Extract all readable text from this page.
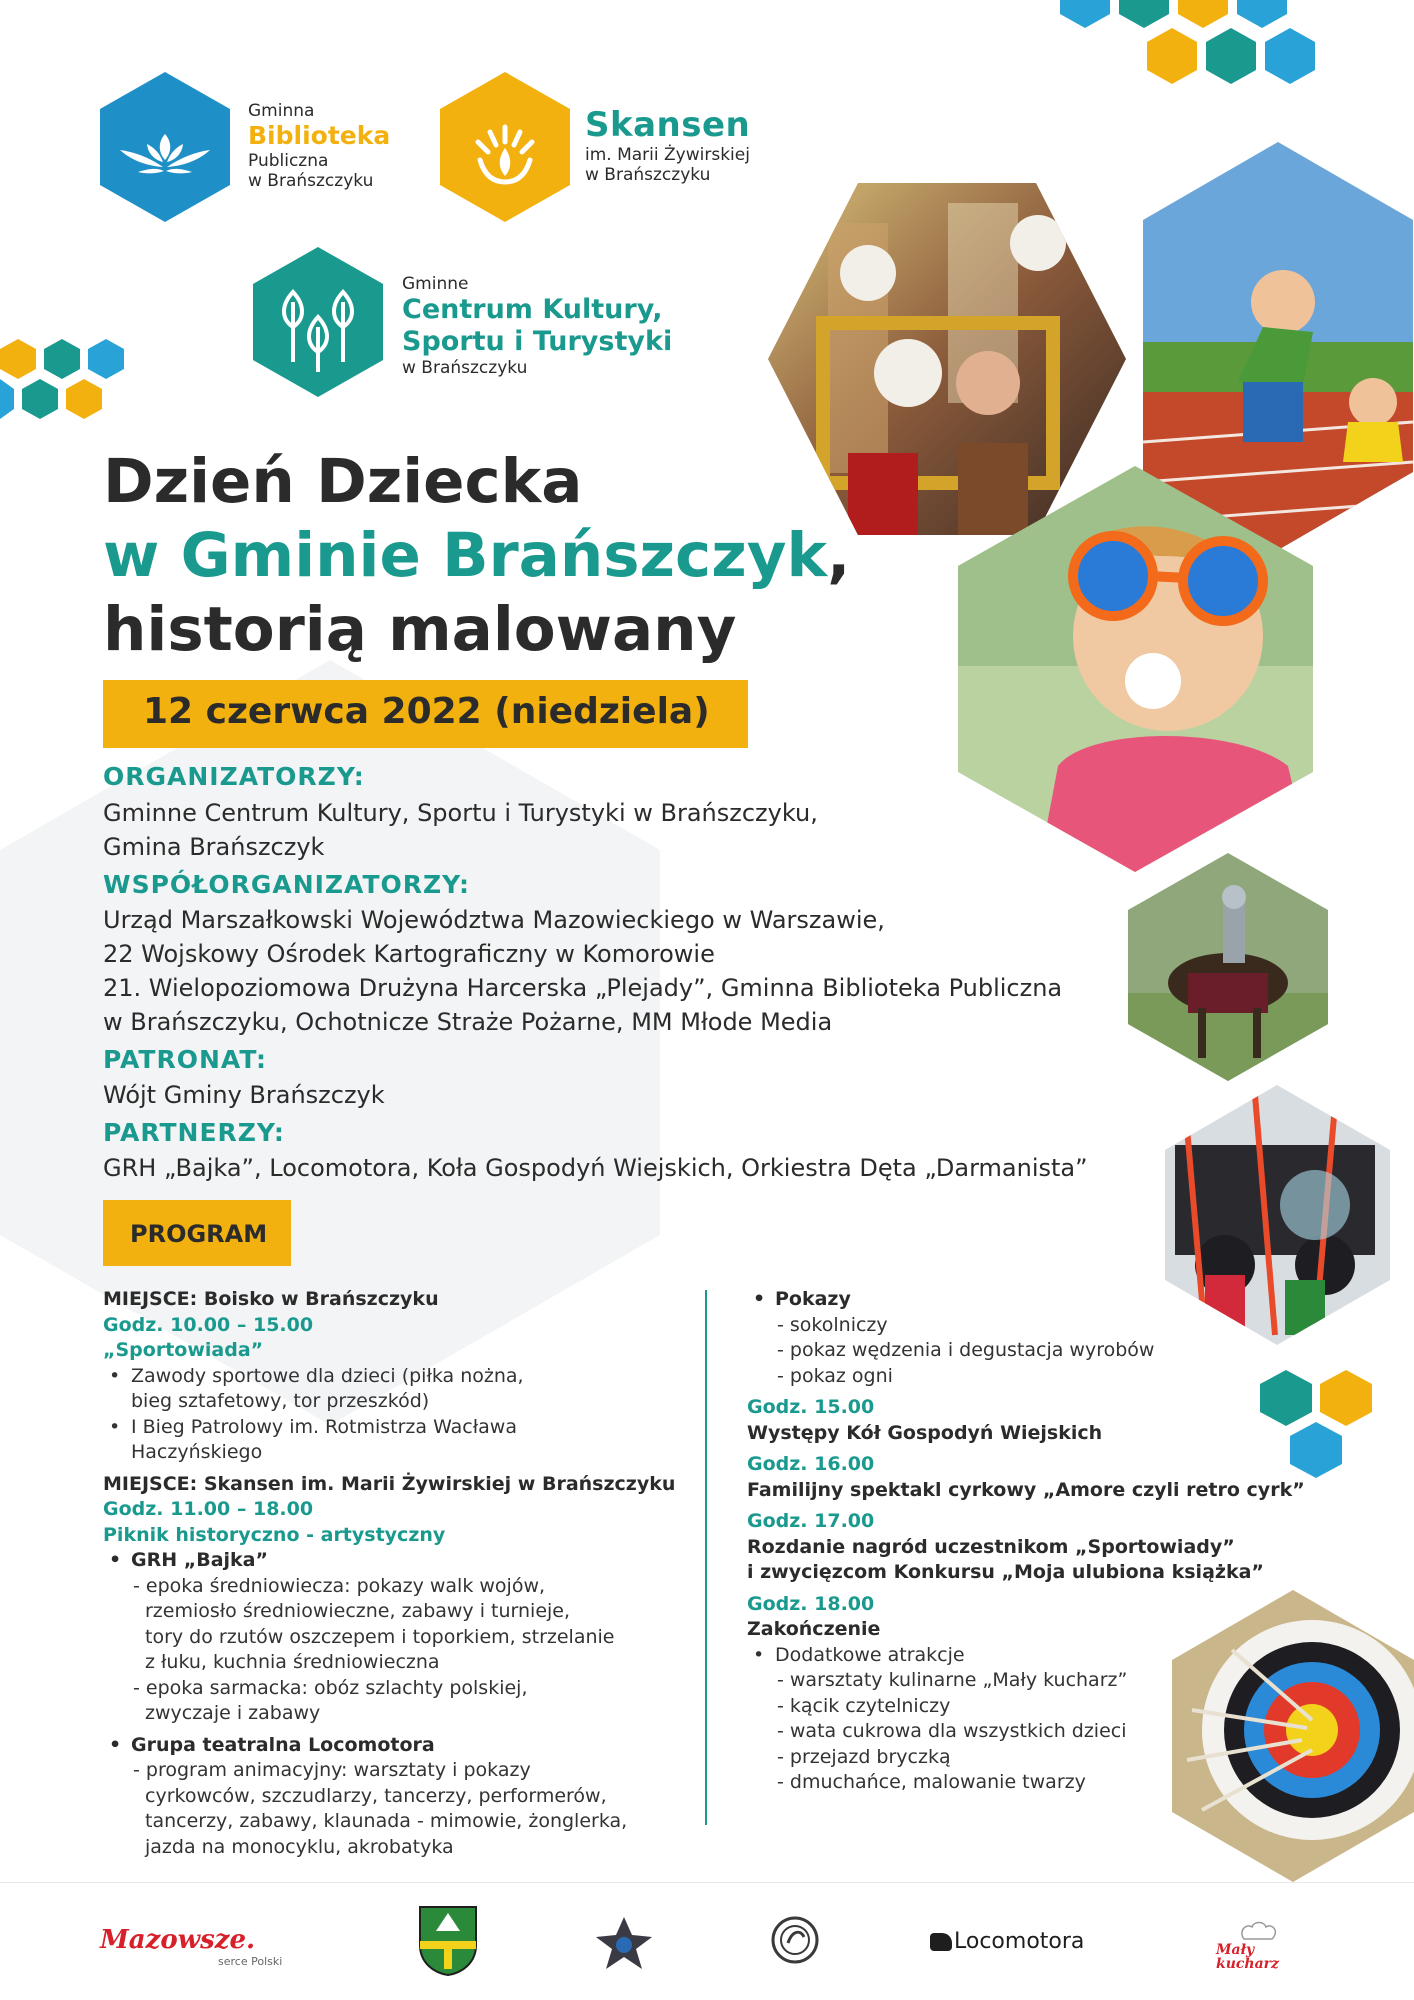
Gminna
Biblioteka
Publiczna
w Brańszczyku
Skansen
im. Marii Żywirskiej
w Brańszczyku
Gminne
Centrum Kultury,
Sportu i Turystyki
w Brańszczyku
Dzień Dziecka
w Gminie Brańszczyk,
historią malowany
12 czerwca 2022 (niedziela)
ORGANIZATORZY:
Gminne Centrum Kultury, Sportu i Turystyki w Brańszczyku,
Gmina Brańszczyk
WSPÓŁORGANIZATORZY:
Urząd Marszałkowski Województwa Mazowieckiego w Warszawie,
22 Wojskowy Ośrodek Kartograficzny w Komorowie
21. Wielopoziomowa Drużyna Harcerska „Plejady”, Gminna Biblioteka Publiczna
w Brańszczyku, Ochotnicze Straże Pożarne, MM Młode Media
PATRONAT:
Wójt Gminy Brańszczyk
PARTNERZY:
GRH „Bajka”, Locomotora, Koła Gospodyń Wiejskich, Orkiestra Dęta „Darmanista”
PROGRAM
MIEJSCE: Boisko w Brańszczyku
Godz. 10.00 – 15.00
„Sportowiada”
• Zawody sportowe dla dzieci (piłka nożna,
bieg sztafetowy, tor przeszkód)
• I Bieg Patrolowy im. Rotmistrza Wacława
Haczyńskiego
MIEJSCE: Skansen im. Marii Żywirskiej w Brańszczyku
Godz. 11.00 – 18.00
Piknik historyczno - artystyczny
• GRH „Bajka”
- epoka średniowiecza: pokazy walk wojów,
rzemiosło średniowieczne, zabawy i turnieje,
tory do rzutów oszczepem i toporkiem, strzelanie
z łuku, kuchnia średniowieczna
- epoka sarmacka: obóz szlachty polskiej,
zwyczaje i zabawy
• Grupa teatralna Locomotora
- program animacyjny: warsztaty i pokazy
cyrkowców, szczudlarzy, tancerzy, performerów,
tancerzy, zabawy, klaunada - mimowie, żonglerka,
jazda na monocyklu, akrobatyka
• Pokazy
- sokolniczy
- pokaz wędzenia i degustacja wyrobów
- pokaz ogni
Godz. 15.00
Występy Kół Gospodyń Wiejskich
Godz. 16.00
Familijny spektakl cyrkowy „Amore czyli retro cyrk”
Godz. 17.00
Rozdanie nagród uczestnikom „Sportowiady”
i zwycięzcom Konkursu „Moja ulubiona książka”
Godz. 18.00
Zakończenie
• Dodatkowe atrakcje
- warsztaty kulinarne „Mały kucharz”
- kącik czytelniczy
- wata cukrowa dla wszystkich dzieci
- przejazd bryczką
- dmuchańce, malowanie twarzy
Mazowsze.
serce Polski
Locomotora	Mały kucharz
